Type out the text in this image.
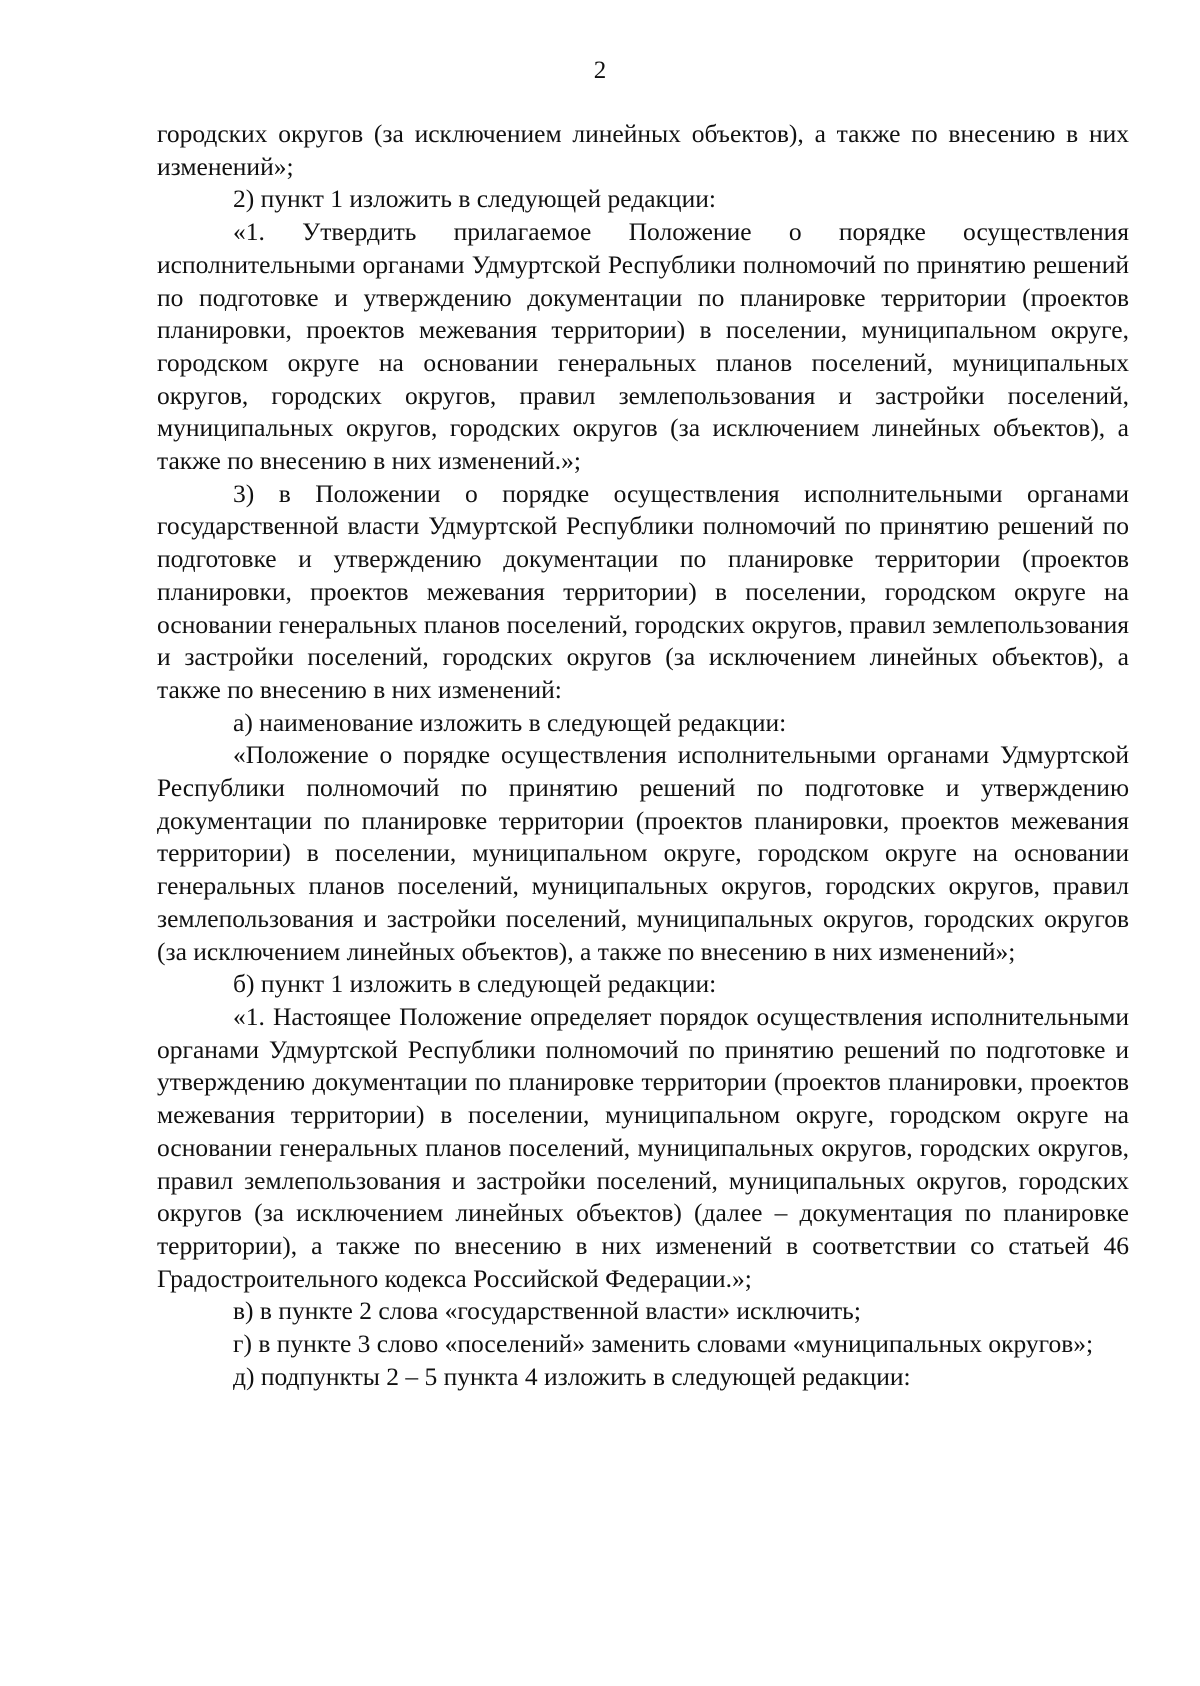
2

городских округов (за исключением линейных объектов), а также по внесению в них изменений»;

2) пункт 1 изложить в следующей редакции:

«1. Утвердить прилагаемое Положение о порядке осуществления исполнительными органами Удмуртской Республики полномочий по принятию решений по подготовке и утверждению документации по планировке территории (проектов планировки, проектов межевания территории) в поселении, муниципальном округе, городском округе на основании генеральных планов поселений, муниципальных округов, городских округов, правил землепользования и застройки поселений, муниципальных округов, городских округов (за исключением линейных объектов), а также по внесению в них изменений.»;

3) в Положении о порядке осуществления исполнительными органами государственной власти Удмуртской Республики полномочий по принятию решений по подготовке и утверждению документации по планировке территории (проектов планировки, проектов межевания территории) в поселении, городском округе на основании генеральных планов поселений, городских округов, правил землепользования и застройки поселений, городских округов (за исключением линейных объектов), а также по внесению в них изменений:

а) наименование изложить в следующей редакции:

«Положение о порядке осуществления исполнительными органами Удмуртской Республики полномочий по принятию решений по подготовке и утверждению документации по планировке территории (проектов планировки, проектов межевания территории) в поселении, муниципальном округе, городском округе на основании генеральных планов поселений, муниципальных округов, городских округов, правил землепользования и застройки поселений, муниципальных округов, городских округов (за исключением линейных объектов), а также по внесению в них изменений»;

б) пункт 1 изложить в следующей редакции:

«1. Настоящее Положение определяет порядок осуществления исполнительными органами Удмуртской Республики полномочий по принятию решений по подготовке и утверждению документации по планировке территории (проектов планировки, проектов межевания территории) в поселении, муниципальном округе, городском округе на основании генеральных планов поселений, муниципальных округов, городских округов, правил землепользования и застройки поселений, муниципальных округов, городских округов (за исключением линейных объектов) (далее – документация по планировке территории), а также по внесению в них изменений в соответствии со статьей 46 Градостроительного кодекса Российской Федерации.»;

в) в пункте 2 слова «государственной власти» исключить;

г) в пункте 3 слово «поселений» заменить словами «муниципальных округов»;

д) подпункты 2 – 5 пункта 4 изложить в следующей редакции:
